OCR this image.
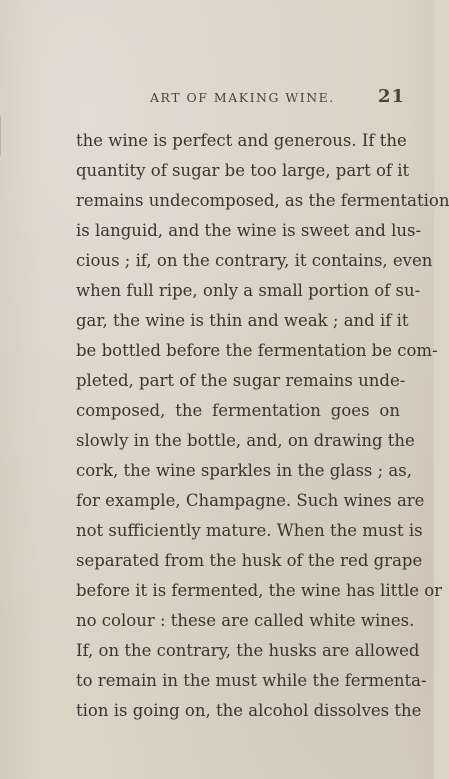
ART OF MAKING WINE. 21
the wine is perfect and generous. If the
quantity of sugar be too large, part of it
remains undecomposed, as the fermentation
is languid, and the wine is sweet and lus-
cious ; if, on the contrary, it contains, even
when full ripe, only a small portion of su-
gar, the wine is thin and weak ; and if it
be bottled before the fermentation be com-
pleted, part of the sugar remains unde-
composed, the fermentation goes on
slowly in the bottle, and, on drawing the
cork, the wine sparkles in the glass ; as,
for example, Champagne. Such wines are
not sufficiently mature. When the must is
separated from the husk of the red grape
before it is fermented, the wine has little or
no colour : these are called white wines.
If, on the contrary, the husks are allowed
to remain in the must while the fermenta-
tion is going on, the alcohol dissolves the
